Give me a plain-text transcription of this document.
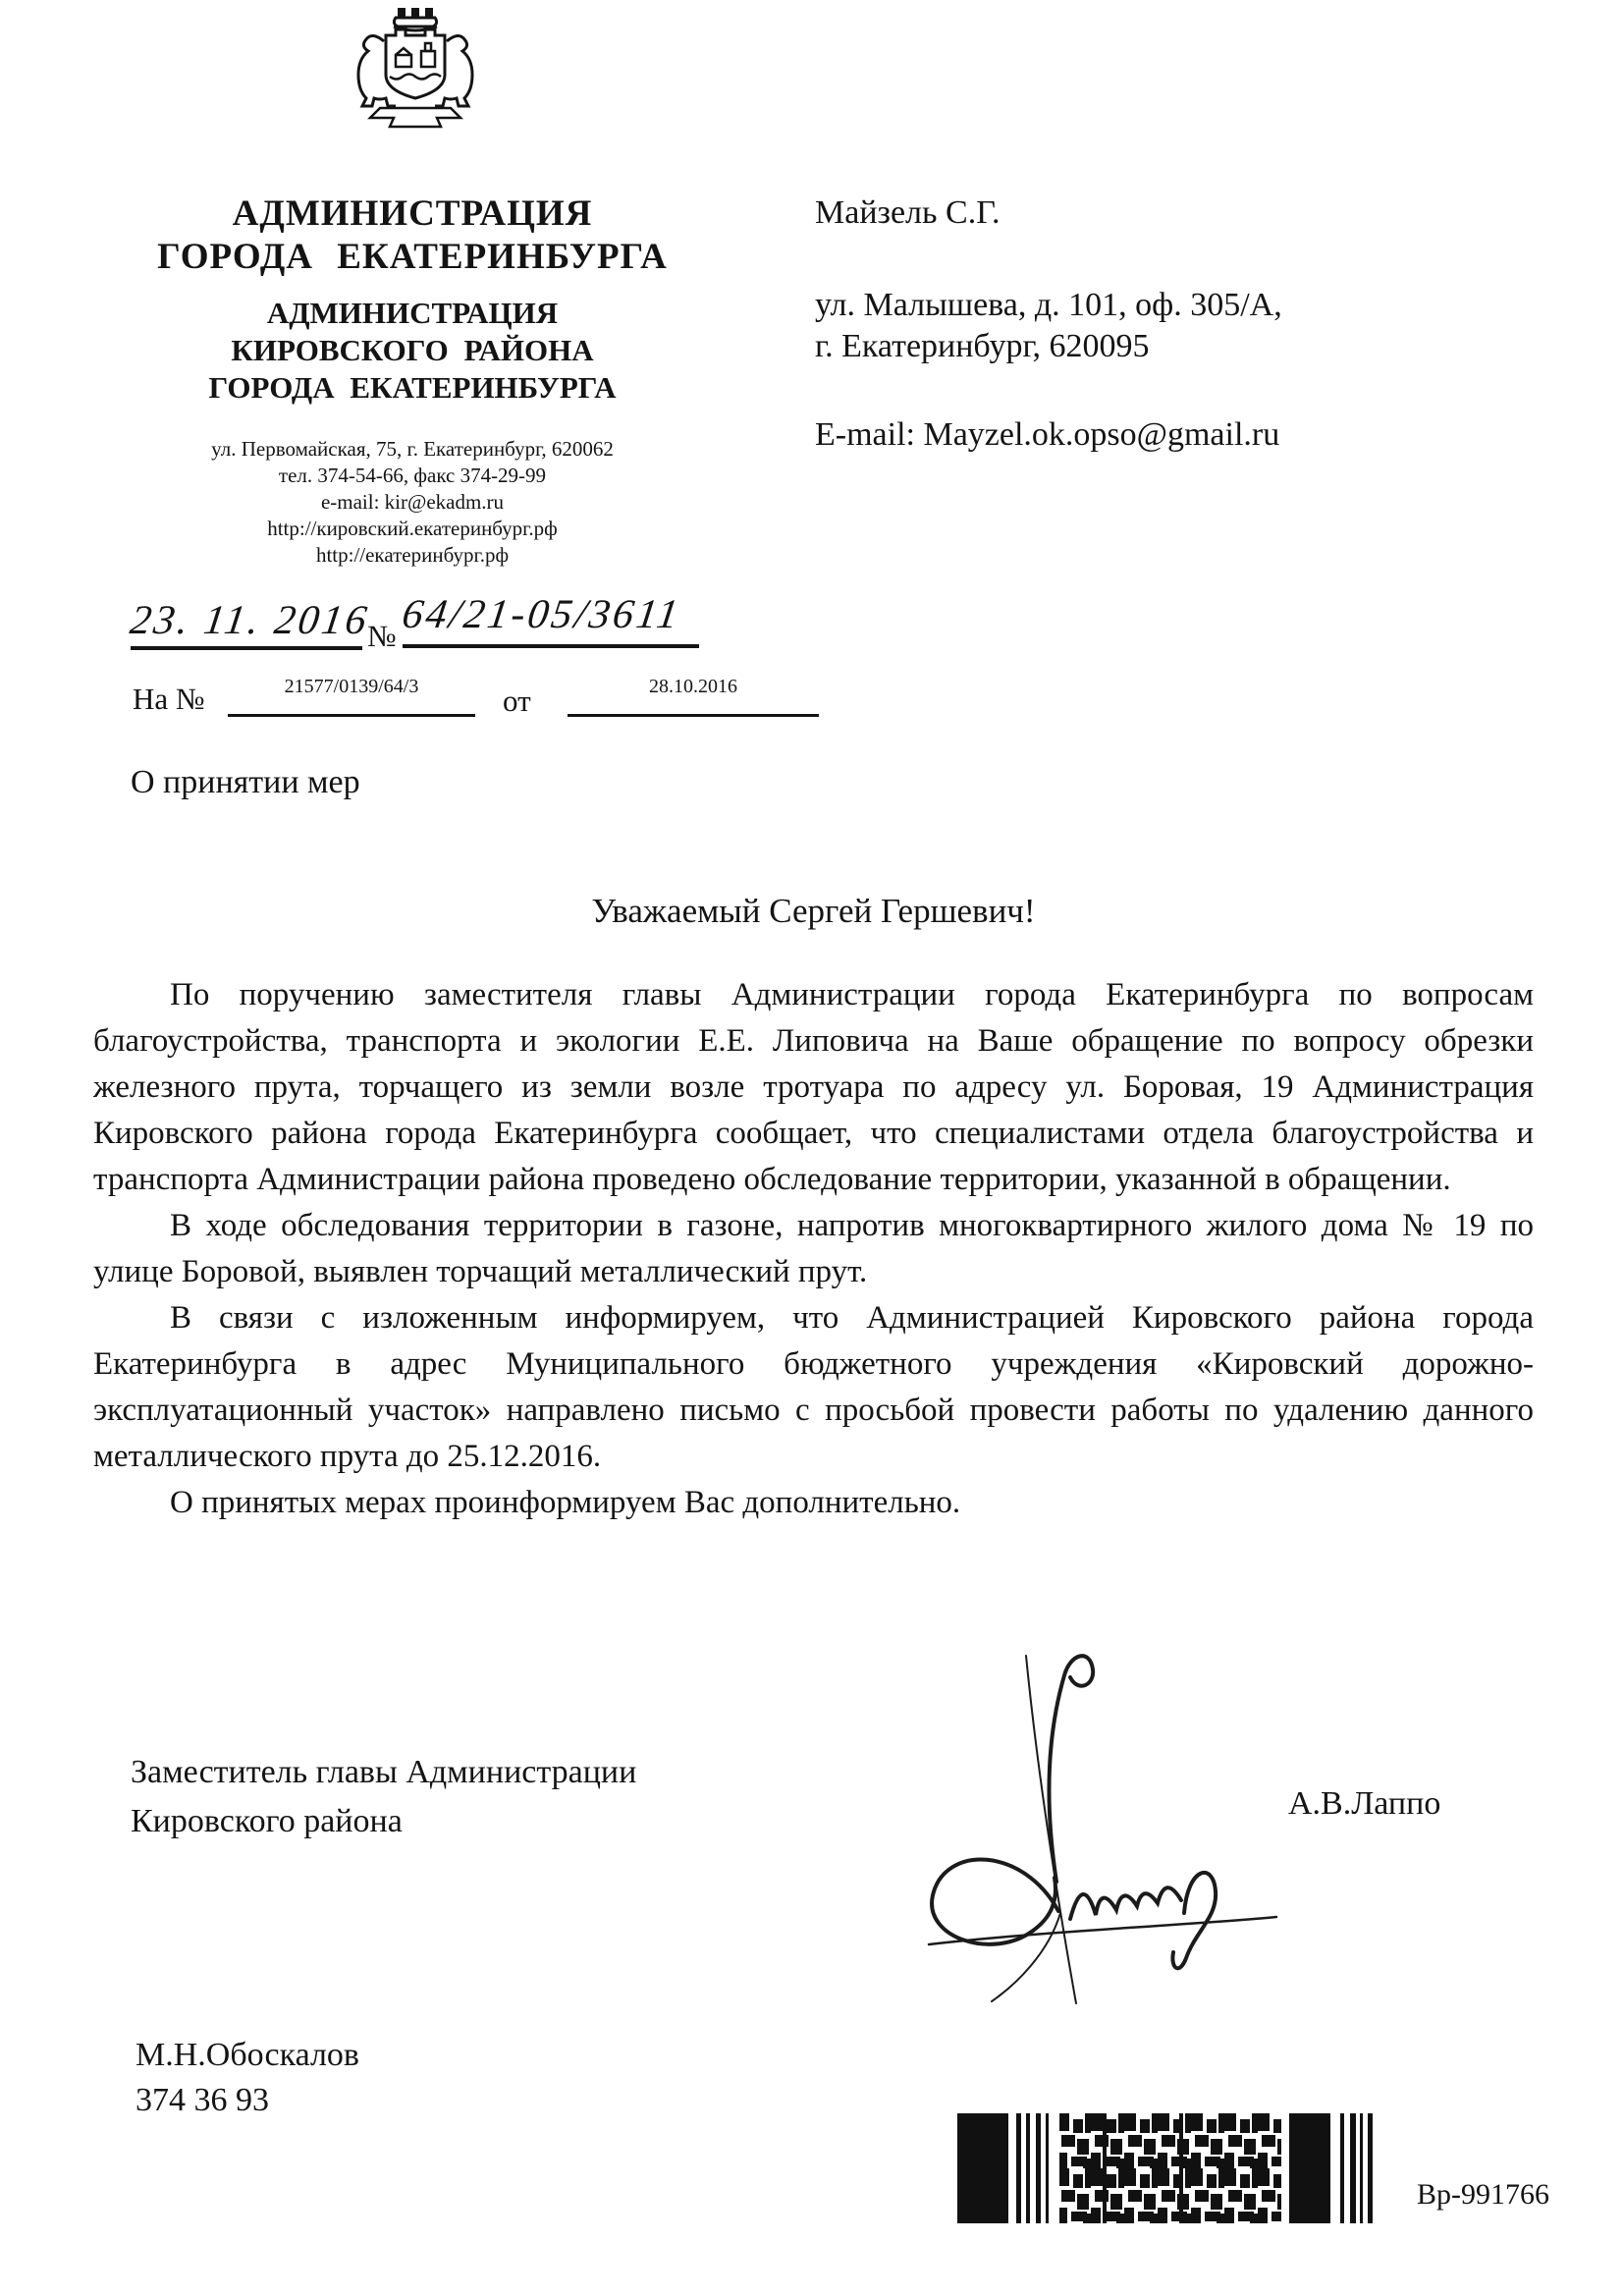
АДМИНИСТРАЦИЯ
ГОРОДА ЕКАТЕРИНБУРГА
АДМИНИСТРАЦИЯ
КИРОВСКОГО РАЙОНА
ГОРОДА ЕКАТЕРИНБУРГА
ул. Первомайская, 75, г. Екатеринбург, 620062
тел. 374-54-66, факс 374-29-99
e-mail: kir@ekadm.ru
http://кировский.екатеринбург.рф
http://екатеринбург.рф
Майзель С.Г.
ул. Малышева, д. 101, оф. 305/А,
г. Екатеринбург, 620095
E-mail: Mayzel.ok.opso@gmail.ru
23. 11. 2016
№ 64/21-05/3611
На №	21577/0139/64/3	от	28.10.2016
О принятии мер
Уважаемый Сергей Гершевич!

По поручению заместителя главы Администрации города Екатеринбурга по вопросам благоустройства, транспорта и экологии Е.Е. Липовича на Ваше обращение по вопросу обрезки железного прута, торчащего из земли возле тротуара по адресу ул. Боровая, 19 Администрация Кировского района города Екатеринбурга сообщает, что специалистами отдела благоустройства и транспорта Администрации района проведено обследование территории, указанной в обращении.

В ходе обследования территории в газоне, напротив многоквартирного жилого дома № 19 по улице Боровой, выявлен торчащий металлический прут.

В связи с изложенным информируем, что Администрацией Кировского района города Екатеринбурга в адрес Муниципального бюджетного учреждения «Кировский дорожно-эксплуатационный участок» направлено письмо с просьбой провести работы по удалению данного металлического прута до 25.12.2016.

О принятых мерах проинформируем Вас дополнительно.

Заместитель главы Администрации
Кировского района	А.В.Лаппо
М.Н.Обоскалов
374 36 93
Вр-991766
